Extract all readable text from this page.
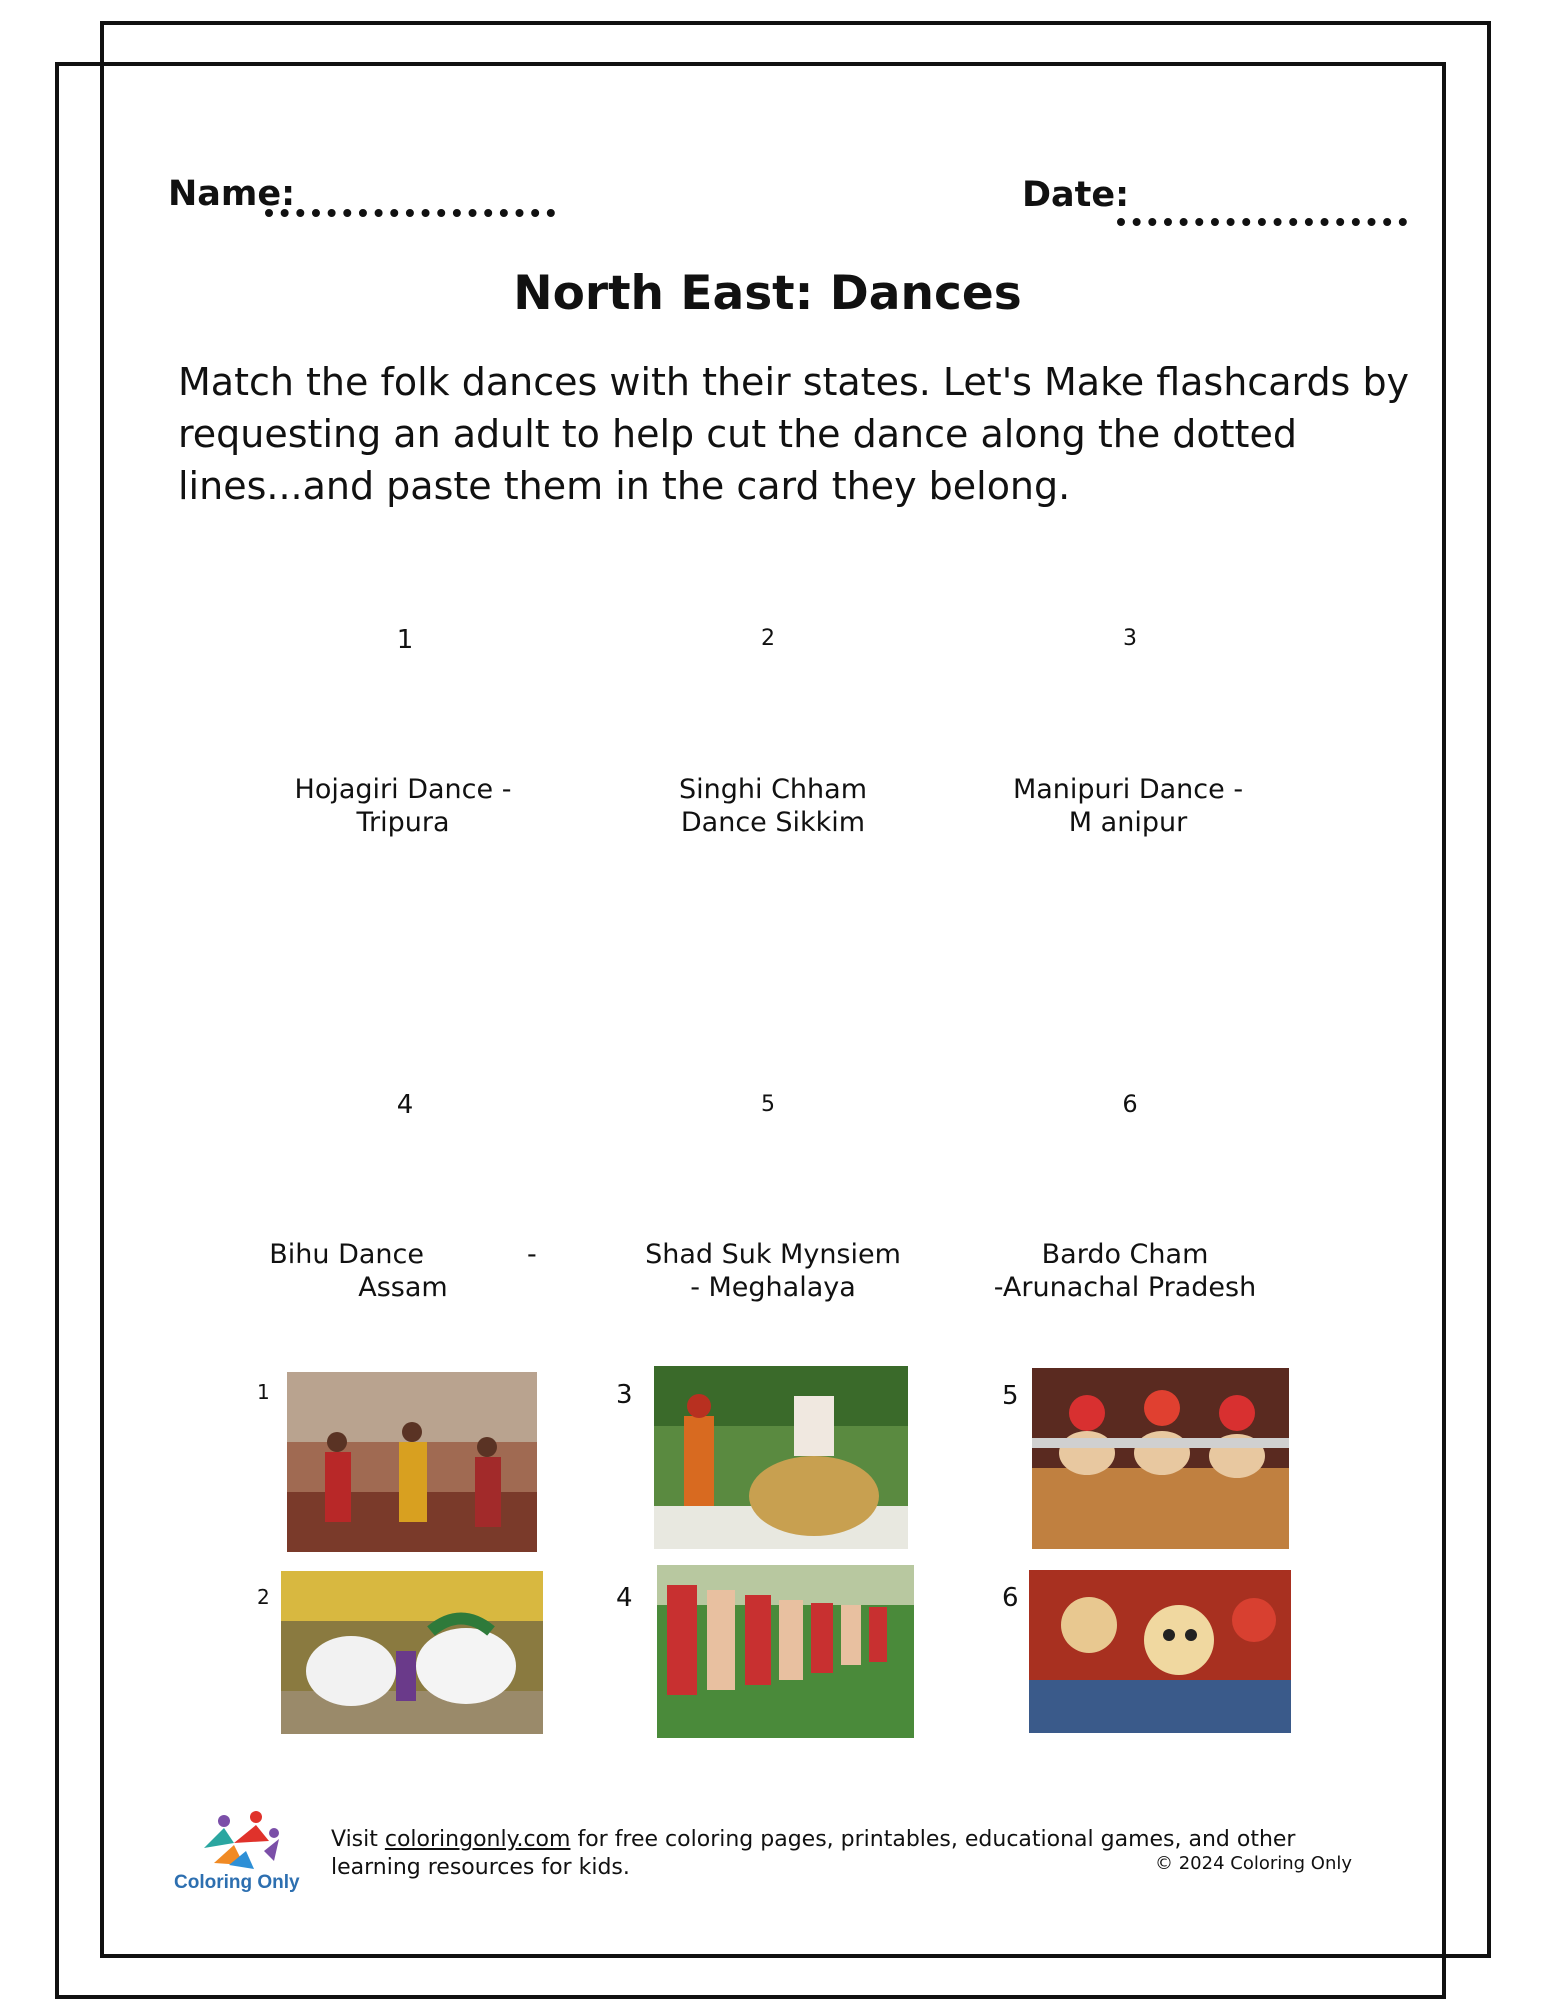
Name:	Date:
North East: Dances

Match the folk dances with their states. Let's Make flashcards by requesting an adult to help cut the dance along the dotted lines...and paste them in the card they belong.

1
Hojagiri Dance -
Tripura
2
Singhi Chham
Dance Sikkim
3
Manipuri Dance -
M anipur
4
Bihu Dance            -
Assam
5
Shad Suk Mynsiem
- Meghalaya
6
Bardo Cham
-Arunachal Pradesh
1
2
3
4
5
6
Coloring Only
Visit coloringonly.com for free coloring pages, printables, educational games, and other learning resources for kids.	© 2024 Coloring Only
